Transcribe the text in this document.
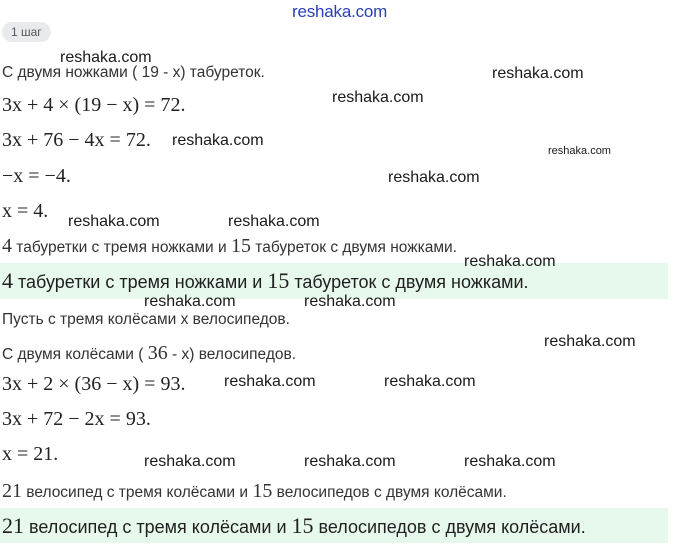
reshaka.com
1 шаг
С двумя ножками ( 19 - х) табуреток.
3x + 4 × (19 − x) = 72.
3x + 76 − 4x = 72.
−x = −4.
x = 4.
4 табуретки с тремя ножками и 15 табуреток с двумя ножками.
4 табуретки с тремя ножками и 15 табуреток с двумя ножками.
Пусть с тремя колёсами х велосипедов.
С двумя колёсами ( 36 - х) велосипедов.
3x + 2 × (36 − x) = 93.
3x + 72 − 2x = 93.
x = 21.
21 велосипед с тремя колёсами и 15 велосипедов с двумя колёсами.
21 велосипед с тремя колёсами и 15 велосипедов с двумя колёсами.
reshaka.com
reshaka.com
reshaka.com
reshaka.com
reshaka.com
reshaka.com
reshaka.com	reshaka.com
reshaka.com
reshaka.com	reshaka.com
reshaka.com
reshaka.com	reshaka.com
reshaka.com	reshaka.com	reshaka.com
